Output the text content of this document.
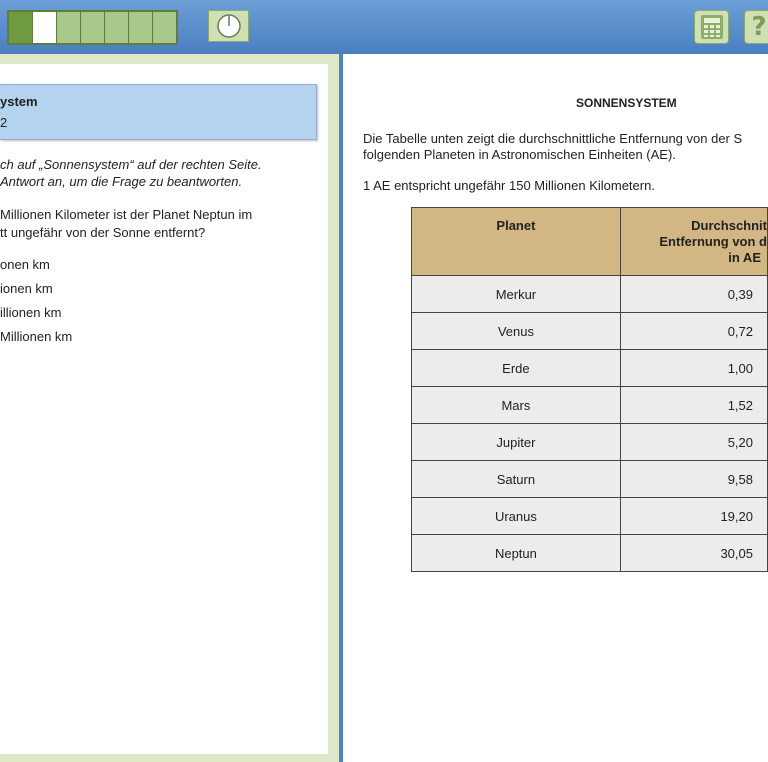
?
ystem
2
ch auf „Sonnensystem“ auf der rechten Seite.
Antwort an, um die Frage zu beantworten.
Millionen Kilometer ist der Planet Neptun im
tt ungefähr von der Sonne entfernt?
onen km
ionen km
illionen km
Millionen km
SONNENSYSTEM
Die Tabelle unten zeigt die durchschnittliche Entfernung von der S
folgenden Planeten in Astronomischen Einheiten (AE).
1 AE entspricht ungefähr 150 Millionen Kilometern.
Planet	Durchschnit
Entfernung von d
in AE

Merkur	0,39
Venus	0,72
Erde	1,00
Mars	1,52
Jupiter	5,20
Saturn	9,58
Uranus	19,20
Neptun	30,05
